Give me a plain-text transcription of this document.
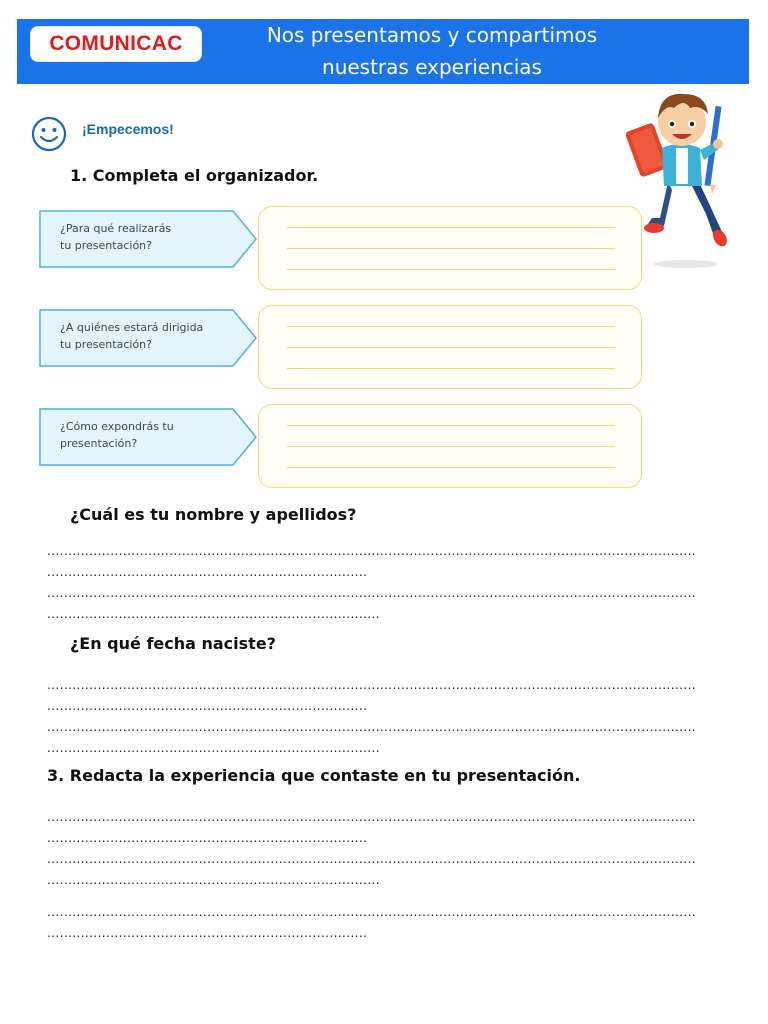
COMUNICAC	Nos presentamos y compartimos
nuestras experiencias
¡Empecemos!
1. Completa el organizador.
¿Para qué realizarás
tu presentación?
¿A quiénes estará dirigida
tu presentación?
¿Cómo expondrás tu
presentación?
¿Cuál es tu nombre y apellidos?
..........................................................................................................................................................
............................................................................
..........................................................................................................................................................
...............................................................................
¿En qué fecha naciste?
..........................................................................................................................................................
............................................................................
..........................................................................................................................................................
...............................................................................
3. Redacta la experiencia que contaste en tu presentación.
..........................................................................................................................................................
............................................................................
..........................................................................................................................................................
...............................................................................
..........................................................................................................................................................
............................................................................
